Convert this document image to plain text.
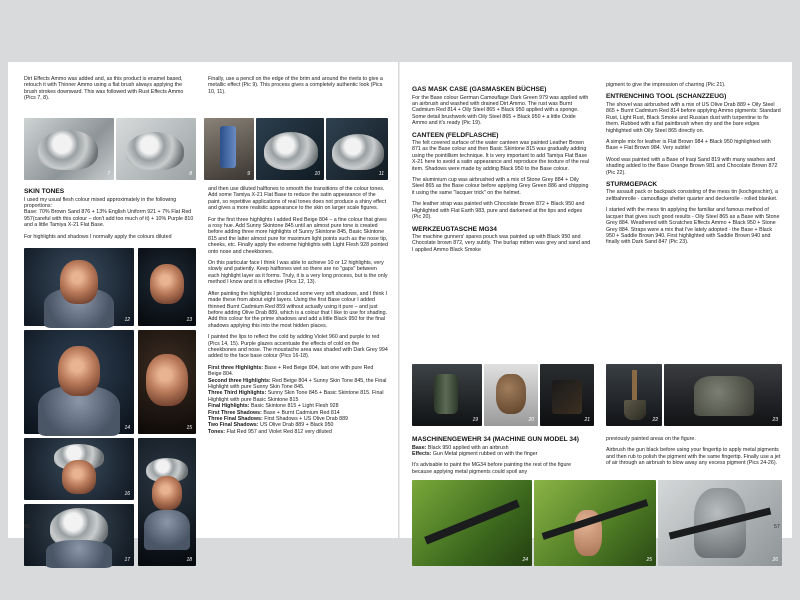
Dirt Effects Ammo was added and, as this product is enamel based, retouch it with Thinner Ammo using a flat brush always applying the brush strokes downward. This was followed with Rust Effects Ammo (Pics 7, 8).

Finally, use a pencil on the edge of the brim and around the rivets to give a metallic effect (Pic 9). This process gives a completely authentic look (Pics 10, 11).

7	8	9	10	11
SKIN TONES

I used my usual flesh colour mixed approximately in the following proportions:

Base: 70% Brown Sand 876 + 13% English Uniform 921 + 7% Flat Red 957(careful with this colour – don't add too much of it) + 10% Purple 810 and a little Tamiya X-21 Flat Base.

For highlights and shadows I normally apply the colours diluted

12	13
14	15
16
18
17

and then use diluted halftones to smooth the transitions of the colour tones. Add some Tamiya X-21 Flat Base to reduce the satin appearance of the paint, so repetitive applications of real tones does not produce a shiny effect and gives a more realistic appearance to the skin on larger scale figures.

For the first three highlights I added Red Beige 804 – a fine colour that gives a rosy hue. Add Sunny Skintone 845 until an almost pure tone is created before adding three more highlights of Sunny Skintone 845, Basic Skintone 815 and the latter almost pure for maximum light points such as the nose tip, cheeks, etc. Finally apply the extreme highlights with Light Flesh 928 pointed onto nose and cheekbones.

On this particular face I think I was able to achieve 10 or 12 highlights, very slowly and patiently. Keep halftones wet so there are no "gaps" between each highlight layer as it forms. Truly, it is a very long process, but is the only method I know and it is effective (Pics 12, 13).

After painting the highlights I produced some very soft shadows, and I think I made these from about eight layers. Using the first Base colour I added thinned Burnt Cadmium Red 859 without actually using it pure – and just before adding Olive Drab 889, which is a colour that I like to use for shading. Add this colour for the prime shadows and add a little Black 950 for the final shadows applying this into the most hidden places.

I painted the lips to reflect the cold by adding Violet 960 and purple to red (Pics 14, 15). Purple glazes accentuate the effects of cold on the cheekbones and nose. The moustache area was shaded with Dark Grey 994 added to the face base colour (Pics 16-18).

First three Highlights: Base + Red Beige 804, last one with pure Red Beige 804.
Second three Highlights: Red Beige 804 + Sunny Skin Tone 845, the Final Highlight with pure Sunny Skin Tone 845.
Three Third Highlights: Sunny Skin Tone 845 + Basic Skintone 815. Final Highlight with pure Basic Skintone 815
Final Highlights: Basic Skintone 815 + Light Flesh 928
First Three Shadows: Base + Burnt Cadmium Red 814
Three Final Shadows: First Shadows + US Olive Drab 889
Two Final Shadows: US Olive Drab 889 + Black 950
Tones: Flat Red 957 and Violet Red 812 very diluted
56
GAS MASK CASE (GASMASKEN BÜCHSE)

For the Base colour German Camouflage Dark Green 979 was applied with an airbrush and washed with drained Dirt Ammo. The rust was Burnt Cadmium Red 814 + Oily Steel 865 + Black 950 applied with a sponge. Some detail brushwork with Oily Steel 865 + Black 950 + a little Oxide Ammo and it's ready (Pic 19).

CANTEEN (FELDFLASCHE)

The felt covered surface of the water canteen was painted Leather Brown 871 as the Base colour and then Basic Skintone 815 was gradually adding using the pointillism technique. It is very important to add Tamiya Flat Base X-21 here to avoid a satin appearance and reproduce the texture of the real item. Shadows were made by adding Black 950 to the Base colour.

The aluminium cup was airbrushed with a mix of Stone Grey 884 + Oily Steel 865 as the Base colour before applying Grey Green 886 and chipping it using the same "lacquer trick" on the helmet.

The leather strap was painted with Chocolate Brown 872 + Black 950 and Highlighted with Flat Earth 983, pure and darkened at the tips and edges (Pic 20).

WERKZEUGTASCHE MG34

The machine gunners' spares pouch was painted up with Black 950 and Chocolate brown 872, very subtly. The burlap mitten was grey and sand and I applied Ammo Black Smoke

pigment to give the impression of charring (Pic 21).

ENTRENCHING TOOL (SCHANZZEUG)

The shovel was airbrushed with a mix of US Olive Drab 889 + Oily Steel 865 + Burnt Cadmium Red 814 before applying Ammo pigments: Standard Rust, Light Rust, Black Smoke and Russian dust with turpentine to fix them. Rubbed with a flat paintbrush when dry and the bare edges highlighted with Oily Steel 865 directly on.

A simple mix for leather is Flat Brown 984 + Black 950 highlighted with Base + Flat Brown 984. Very subtle!

Wood was painted with a Base of Iraqi Sand 819 with many washes and shading added to the Base Orange Brown 981 and Chocolate Brown 872 (Pic 22).

STURMGEPACK

The assault pack or backpack consisting of the mess tin (kochgeschirr), a zeltbahnrolle - camouflage shelter quarter and deckerolle - rolled blanket.

I started with the mess tin applying the familiar and famous method of lacquer that gives such good results - Oily Steel 865 as a Base with Stone Grey 884. Weathered with Scratches Effects Ammo + Black 950 + Stone Grey 884. Straps were a mix that I've lately adopted - the Base + Black 950 + Saddle Brown 940. First highlighted with Saddle Brown 940 and finally with Dark Sand 847 (Pic 23).

19	20	21	22	23
MASCHINENGEWEHR 34 (MACHINE GUN MODEL 34)

Base: Black 950 applied with an airbrush

Effects: Gun Metal pigment rubbed on with the finger

It's advisable to paint the MG34 before painting the rest of the figure because applying metal pigments could spoil any

previously painted areas on the figure.

Airbrush the gun black before using your fingertip to apply metal pigments and then rub to polish the pigment with the same fingertip. Finally use a jet of air through an airbrush to blow away any excess pigment (Pics 24-26).

24	25	26
57
